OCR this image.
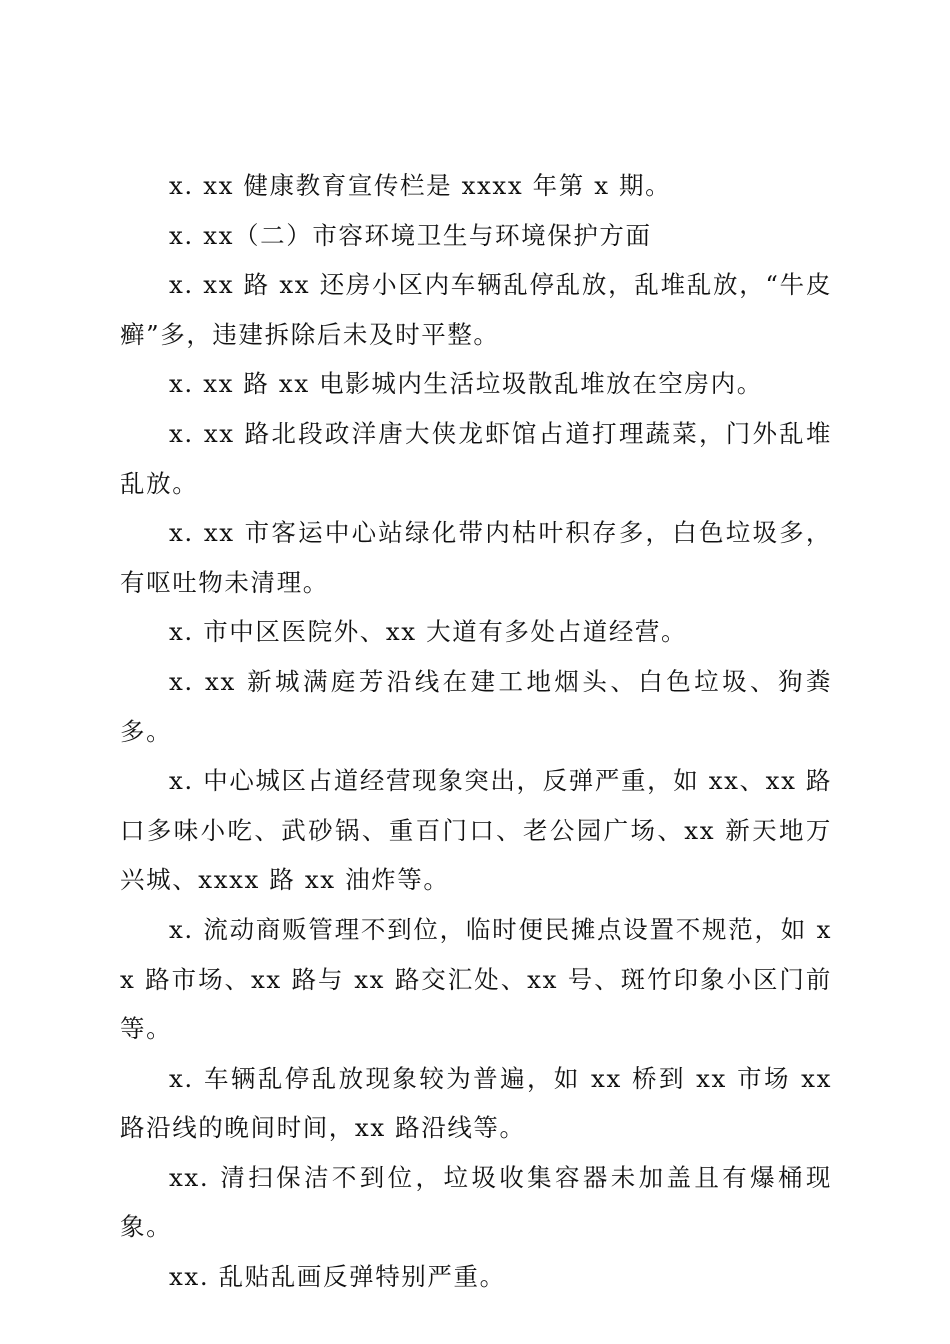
x. xx 健康教育宣传栏是 xxxx 年第 x 期。

x. xx（二）市容环境卫生与环境保护方面

x. xx 路 xx 还房小区内车辆乱停乱放，乱堆乱放，“牛皮癣”多，违建拆除后未及时平整。

x. xx 路 xx 电影城内生活垃圾散乱堆放在空房内。

x. xx 路北段政洋唐大侠龙虾馆占道打理蔬菜，门外乱堆乱放。

x. xx 市客运中心站绿化带内枯叶积存多，白色垃圾多，有呕吐物未清理。

x. 市中区医院外、xx 大道有多处占道经营。

x. xx 新城满庭芳沿线在建工地烟头、白色垃圾、狗粪多。

x. 中心城区占道经营现象突出，反弹严重，如 xx、xx 路口多味小吃、武砂锅、重百门口、老公园广场、xx 新天地万兴城、xxxx 路 xx 油炸等。

x. 流动商贩管理不到位，临时便民摊点设置不规范，如 xx 路市场、xx 路与 xx 路交汇处、xx 号、斑竹印象小区门前等。

x. 车辆乱停乱放现象较为普遍，如 xx 桥到 xx 市场 xx 路沿线的晚间时间，xx 路沿线等。

xx. 清扫保洁不到位，垃圾收集容器未加盖且有爆桶现象。

xx. 乱贴乱画反弹特别严重。
